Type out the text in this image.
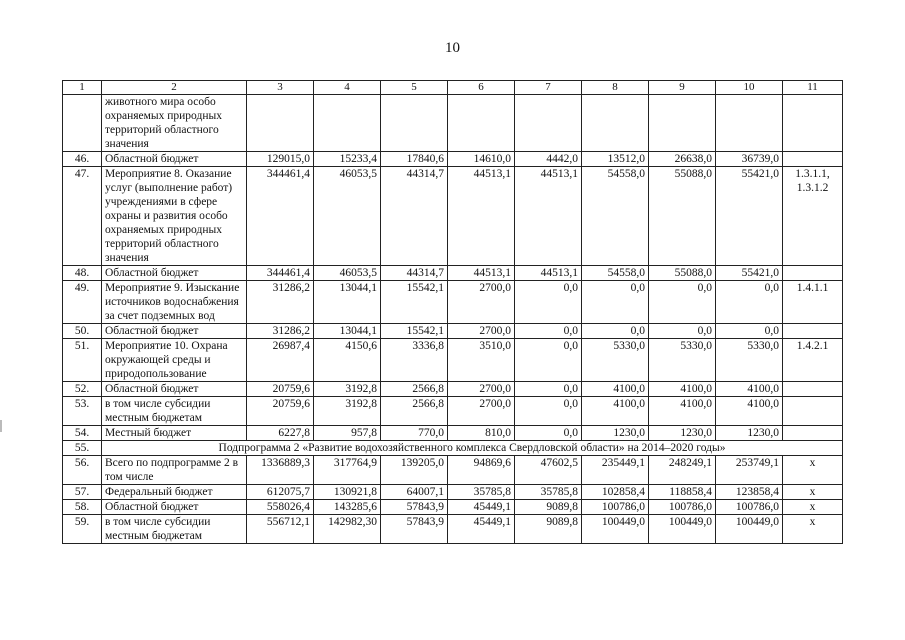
10
1	2	3	4	5	6	7	8	9	10	11
	животного мира особо охраняемых природных территорий областного значения									
46.	Областной бюджет	129015,0	15233,4	17840,6	14610,0	4442,0	13512,0	26638,0	36739,0	
47.	Мероприятие 8. Оказание услуг (выполнение работ) учреждениями в сфере охраны и развития особо охраняемых природных территорий областного значения	344461,4	46053,5	44314,7	44513,1	44513,1	54558,0	55088,0	55421,0	1.3.1.1, 1.3.1.2
48.	Областной бюджет	344461,4	46053,5	44314,7	44513,1	44513,1	54558,0	55088,0	55421,0	
49.	Мероприятие 9. Изыскание источников водоснабжения за счет подземных вод	31286,2	13044,1	15542,1	2700,0	0,0	0,0	0,0	0,0	1.4.1.1
50.	Областной бюджет	31286,2	13044,1	15542,1	2700,0	0,0	0,0	0,0	0,0	
51.	Мероприятие 10. Охрана окружающей среды и природопользование	26987,4	4150,6	3336,8	3510,0	0,0	5330,0	5330,0	5330,0	1.4.2.1
52.	Областной бюджет	20759,6	3192,8	2566,8	2700,0	0,0	4100,0	4100,0	4100,0	
53.	в том числе субсидии местным бюджетам	20759,6	3192,8	2566,8	2700,0	0,0	4100,0	4100,0	4100,0	
54.	Местный бюджет	6227,8	957,8	770,0	810,0	0,0	1230,0	1230,0	1230,0	
55.	Подпрограмма 2 «Развитие водохозяйственного комплекса Свердловской области» на 2014–2020 годы»									
56.	Всего по подпрограмме 2 в том числе	1336889,3	317764,9	139205,0	94869,6	47602,5	235449,1	248249,1	253749,1	x
57.	Федеральный бюджет	612075,7	130921,8	64007,1	35785,8	35785,8	102858,4	118858,4	123858,4	x
58.	Областной бюджет	558026,4	143285,6	57843,9	45449,1	9089,8	100786,0	100786,0	100786,0	x
59.	в том числе субсидии местным бюджетам	556712,1	142982,30	57843,9	45449,1	9089,8	100449,0	100449,0	100449,0	x
